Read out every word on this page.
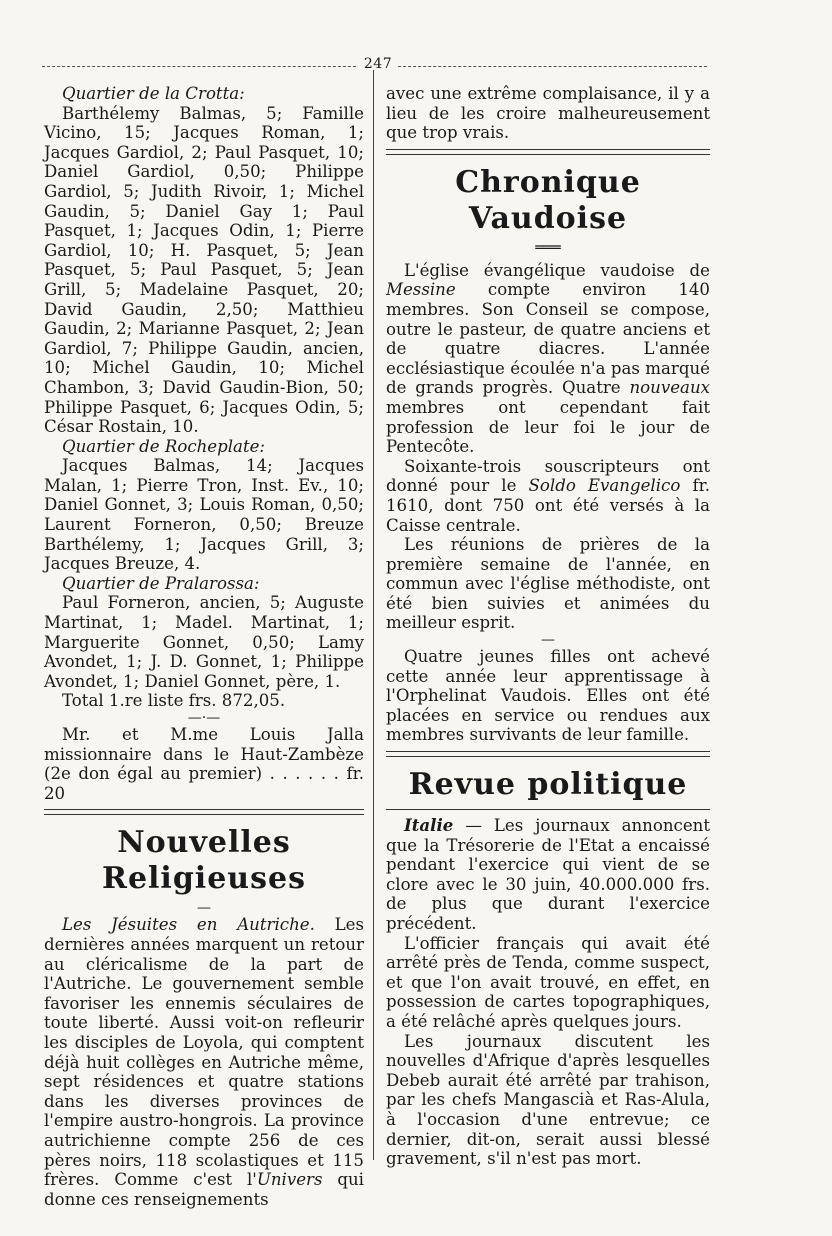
247

Quartier de la Crotta:

Barthélemy Balmas, 5; Famille Vicino, 15; Jacques Roman, 1; Jacques Gardiol, 2; Paul Pasquet, 10; Daniel Gardiol, 0,50; Philippe Gardiol, 5; Judith Rivoir, 1; Michel Gaudin, 5; Daniel Gay 1; Paul Pasquet, 1; Jacques Odin, 1; Pierre Gardiol, 10; H. Pasquet, 5; Jean Pasquet, 5; Paul Pasquet, 5; Jean Grill, 5; Madelaine Pasquet, 20; David Gaudin, 2,50; Matthieu Gaudin, 2; Marianne Pasquet, 2; Jean Gardiol, 7; Philippe Gaudin, ancien, 10; Michel Gaudin, 10; Michel Chambon, 3; David Gaudin-Bion, 50; Philippe Pasquet, 6; Jacques Odin, 5; César Rostain, 10.

Quartier de Rocheplate:

Jacques Balmas, 14; Jacques Malan, 1; Pierre Tron, Inst. Ev., 10; Daniel Gonnet, 3; Louis Roman, 0,50; Laurent Forneron, 0,50; Breuze Barthélemy, 1; Jacques Grill, 3; Jacques Breuze, 4.

Quartier de Pralarossa:

Paul Forneron, ancien, 5; Auguste Martinat, 1; Madel. Martinat, 1; Marguerite Gonnet, 0,50; Lamy Avondet, 1; J. D. Gonnet, 1; Philippe Avondet, 1; Daniel Gonnet, père, 1.

Total 1.re liste frs. 872,05.

—·—

Mr. et M.me Louis Jalla missionnaire dans le Haut-Zambèze (2e don égal au premier) . . . . . . fr. 20

Nouvelles Religieuses
—

Les Jésuites en Autriche. Les dernières années marquent un retour au cléricalisme de la part de l'Autriche. Le gouvernement semble favoriser les ennemis séculaires de toute liberté. Aussi voit-on refleurir les disciples de Loyola, qui comptent déjà huit collèges en Autriche même, sept résidences et quatre stations dans les diverses provinces de l'empire austro-hongrois. La province autrichienne compte 256 de ces pères noirs, 118 scolastiques et 115 frères. Comme c'est l'Univers qui donne ces renseignements

avec une extrême complaisance, il y a lieu de les croire malheureusement que trop vrais.

Chronique Vaudoise
═══

L'église évangélique vaudoise de Messine compte environ 140 membres. Son Conseil se compose, outre le pasteur, de quatre anciens et de quatre diacres. L'année ecclésiastique écoulée n'a pas marqué de grands progrès. Quatre nouveaux membres ont cependant fait profession de leur foi le jour de Pentecôte.

Soixante-trois souscripteurs ont donné pour le Soldo Evangelico fr. 1610, dont 750 ont été versés à la Caisse centrale.

Les réunions de prières de la première semaine de l'année, en commun avec l'église méthodiste, ont été bien suivies et animées du meilleur esprit.

—

Quatre jeunes filles ont achevé cette année leur apprentissage à l'Orphelinat Vaudois. Elles ont été placées en service ou rendues aux membres survivants de leur famille.

Revue politique

Italie — Les journaux annoncent que la Trésorerie de l'Etat a encaissé pendant l'exercice qui vient de se clore avec le 30 juin, 40.000.000 frs. de plus que durant l'exercice précédent.

L'officier français qui avait été arrêté près de Tenda, comme suspect, et que l'on avait trouvé, en effet, en possession de cartes topographiques, a été relâché après quelques jours.

Les journaux discutent les nouvelles d'Afrique d'après lesquelles Debeb aurait été arrêté par trahison, par les chefs Mangascià et Ras-Alula, à l'occasion d'une entrevue; ce dernier, dit-on, serait aussi blessé gravement, s'il n'est pas mort.
